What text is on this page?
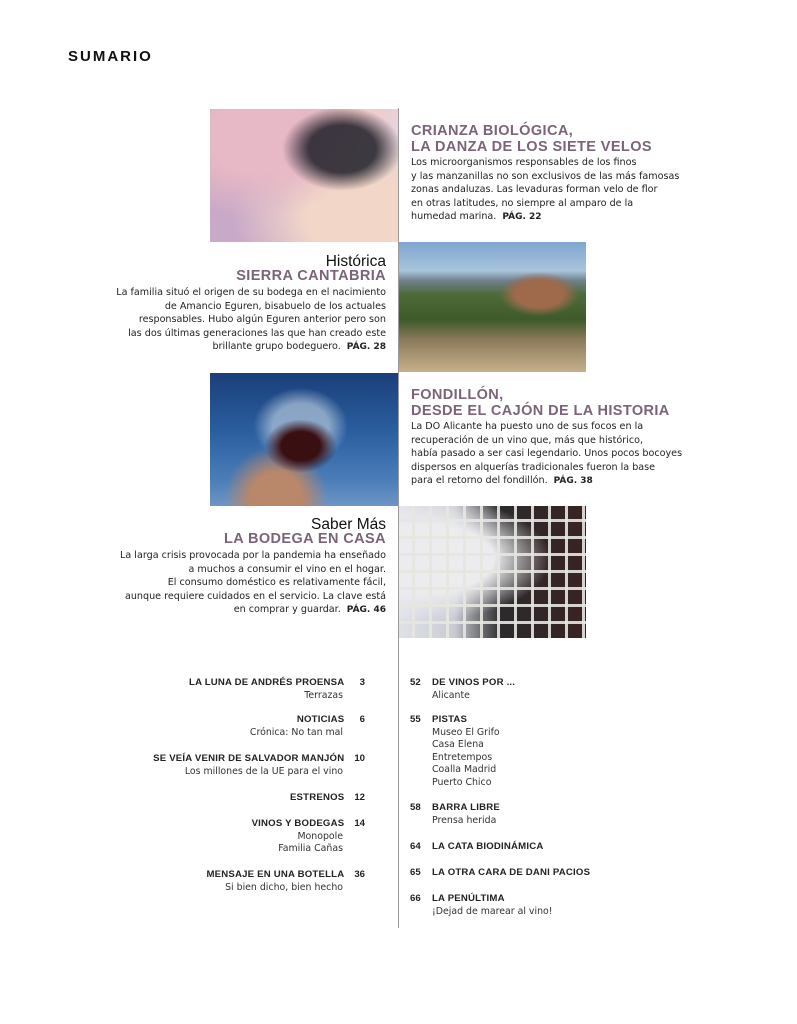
SUMARIO
CRIANZA BIOLÓGICA,
LA DANZA DE LOS SIETE VELOS
Los microorganismos responsables de los finos
y las manzanillas no son exclusivos de las más famosas
zonas andaluzas. Las levaduras forman velo de flor
en otras latitudes, no siempre al amparo de la
humedad marina. PÁG. 22
Histórica
SIERRA CANTABRIA
La familia situó el origen de su bodega en el nacimiento
de Amancio Eguren, bisabuelo de los actuales
responsables. Hubo algún Eguren anterior pero son
las dos últimas generaciones las que han creado este
brillante grupo bodeguero. PÁG. 28
FONDILLÓN,
DESDE EL CAJÓN DE LA HISTORIA
La DO Alicante ha puesto uno de sus focos en la
recuperación de un vino que, más que histórico,
había pasado a ser casi legendario. Unos pocos bocoyes
dispersos en alquerías tradicionales fueron la base
para el retorno del fondillón. PÁG. 38
Saber Más
LA BODEGA EN CASA
La larga crisis provocada por la pandemia ha enseñado
a muchos a consumir el vino en el hogar.
El consumo doméstico es relativamente fácil,
aunque requiere cuidados en el servicio. La clave está
en comprar y guardar. PÁG. 46
LA LUNA DE ANDRÉS PROENSA 3
Terrazas
NOTICIAS 6
Crónica: No tan mal
SE VEÍA VENIR DE SALVADOR MANJÓN 10
Los millones de la UE para el vino
ESTRENOS 12
VINOS Y BODEGAS 14
Monopole
Familia Cañas
MENSAJE EN UNA BOTELLA 36
Si bien dicho, bien hecho
52 DE VINOS POR ...
Alicante
55 PISTAS
Museo El Grifo
Casa Elena
Entretempos
Coalla Madrid
Puerto Chico
58 BARRA LIBRE
Prensa herida
64 LA CATA BIODINÁMICA
65 LA OTRA CARA DE DANI PACIOS
66 LA PENÚLTIMA
¡Dejad de marear al vino!
